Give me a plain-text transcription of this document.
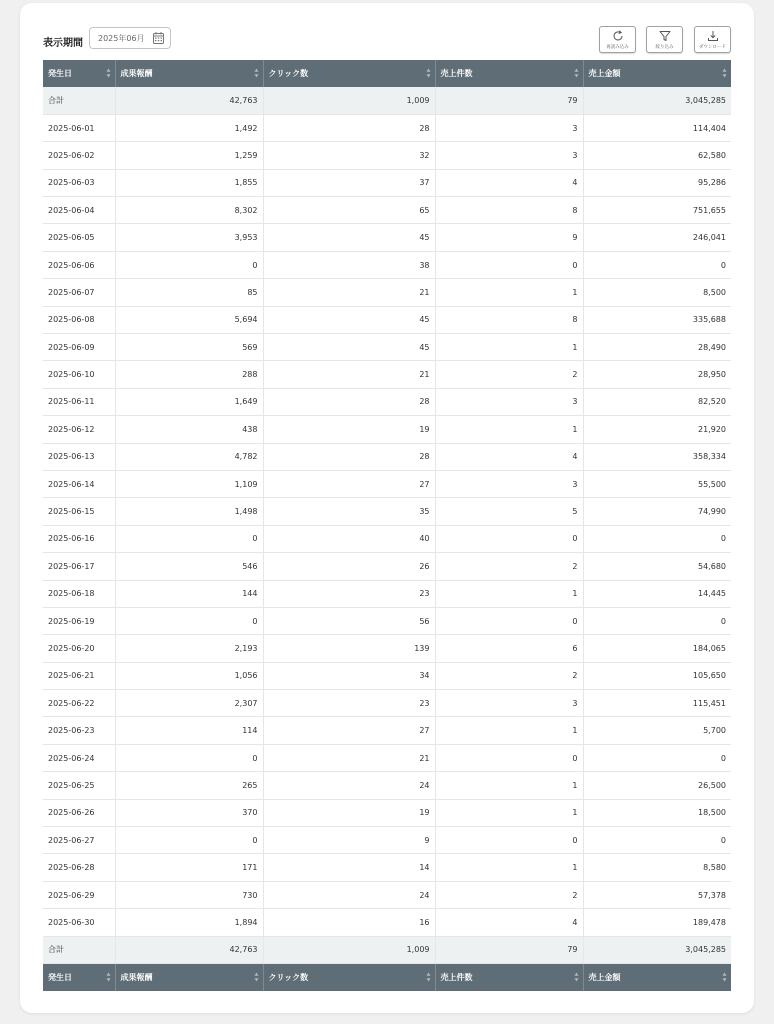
表示期間 2025年06月
再読み込み	絞り込み	ダウンロード
発生日	成果報酬	クリック数	売上件数	売上金額

合計	42,763	1,009	79	3,045,285
2025-06-01	1,492	28	3	114,404
2025-06-02	1,259	32	3	62,580
2025-06-03	1,855	37	4	95,286
2025-06-04	8,302	65	8	751,655
2025-06-05	3,953	45	9	246,041
2025-06-06	0	38	0	0
2025-06-07	85	21	1	8,500
2025-06-08	5,694	45	8	335,688
2025-06-09	569	45	1	28,490
2025-06-10	288	21	2	28,950
2025-06-11	1,649	28	3	82,520
2025-06-12	438	19	1	21,920
2025-06-13	4,782	28	4	358,334
2025-06-14	1,109	27	3	55,500
2025-06-15	1,498	35	5	74,990
2025-06-16	0	40	0	0
2025-06-17	546	26	2	54,680
2025-06-18	144	23	1	14,445
2025-06-19	0	56	0	0
2025-06-20	2,193	139	6	184,065
2025-06-21	1,056	34	2	105,650
2025-06-22	2,307	23	3	115,451
2025-06-23	114	27	1	5,700
2025-06-24	0	21	0	0
2025-06-25	265	24	1	26,500
2025-06-26	370	19	1	18,500
2025-06-27	0	9	0	0
2025-06-28	171	14	1	8,580
2025-06-29	730	24	2	57,378
2025-06-30	1,894	16	4	189,478
合計	42,763	1,009	79	3,045,285
発生日	成果報酬	クリック数	売上件数	売上金額
